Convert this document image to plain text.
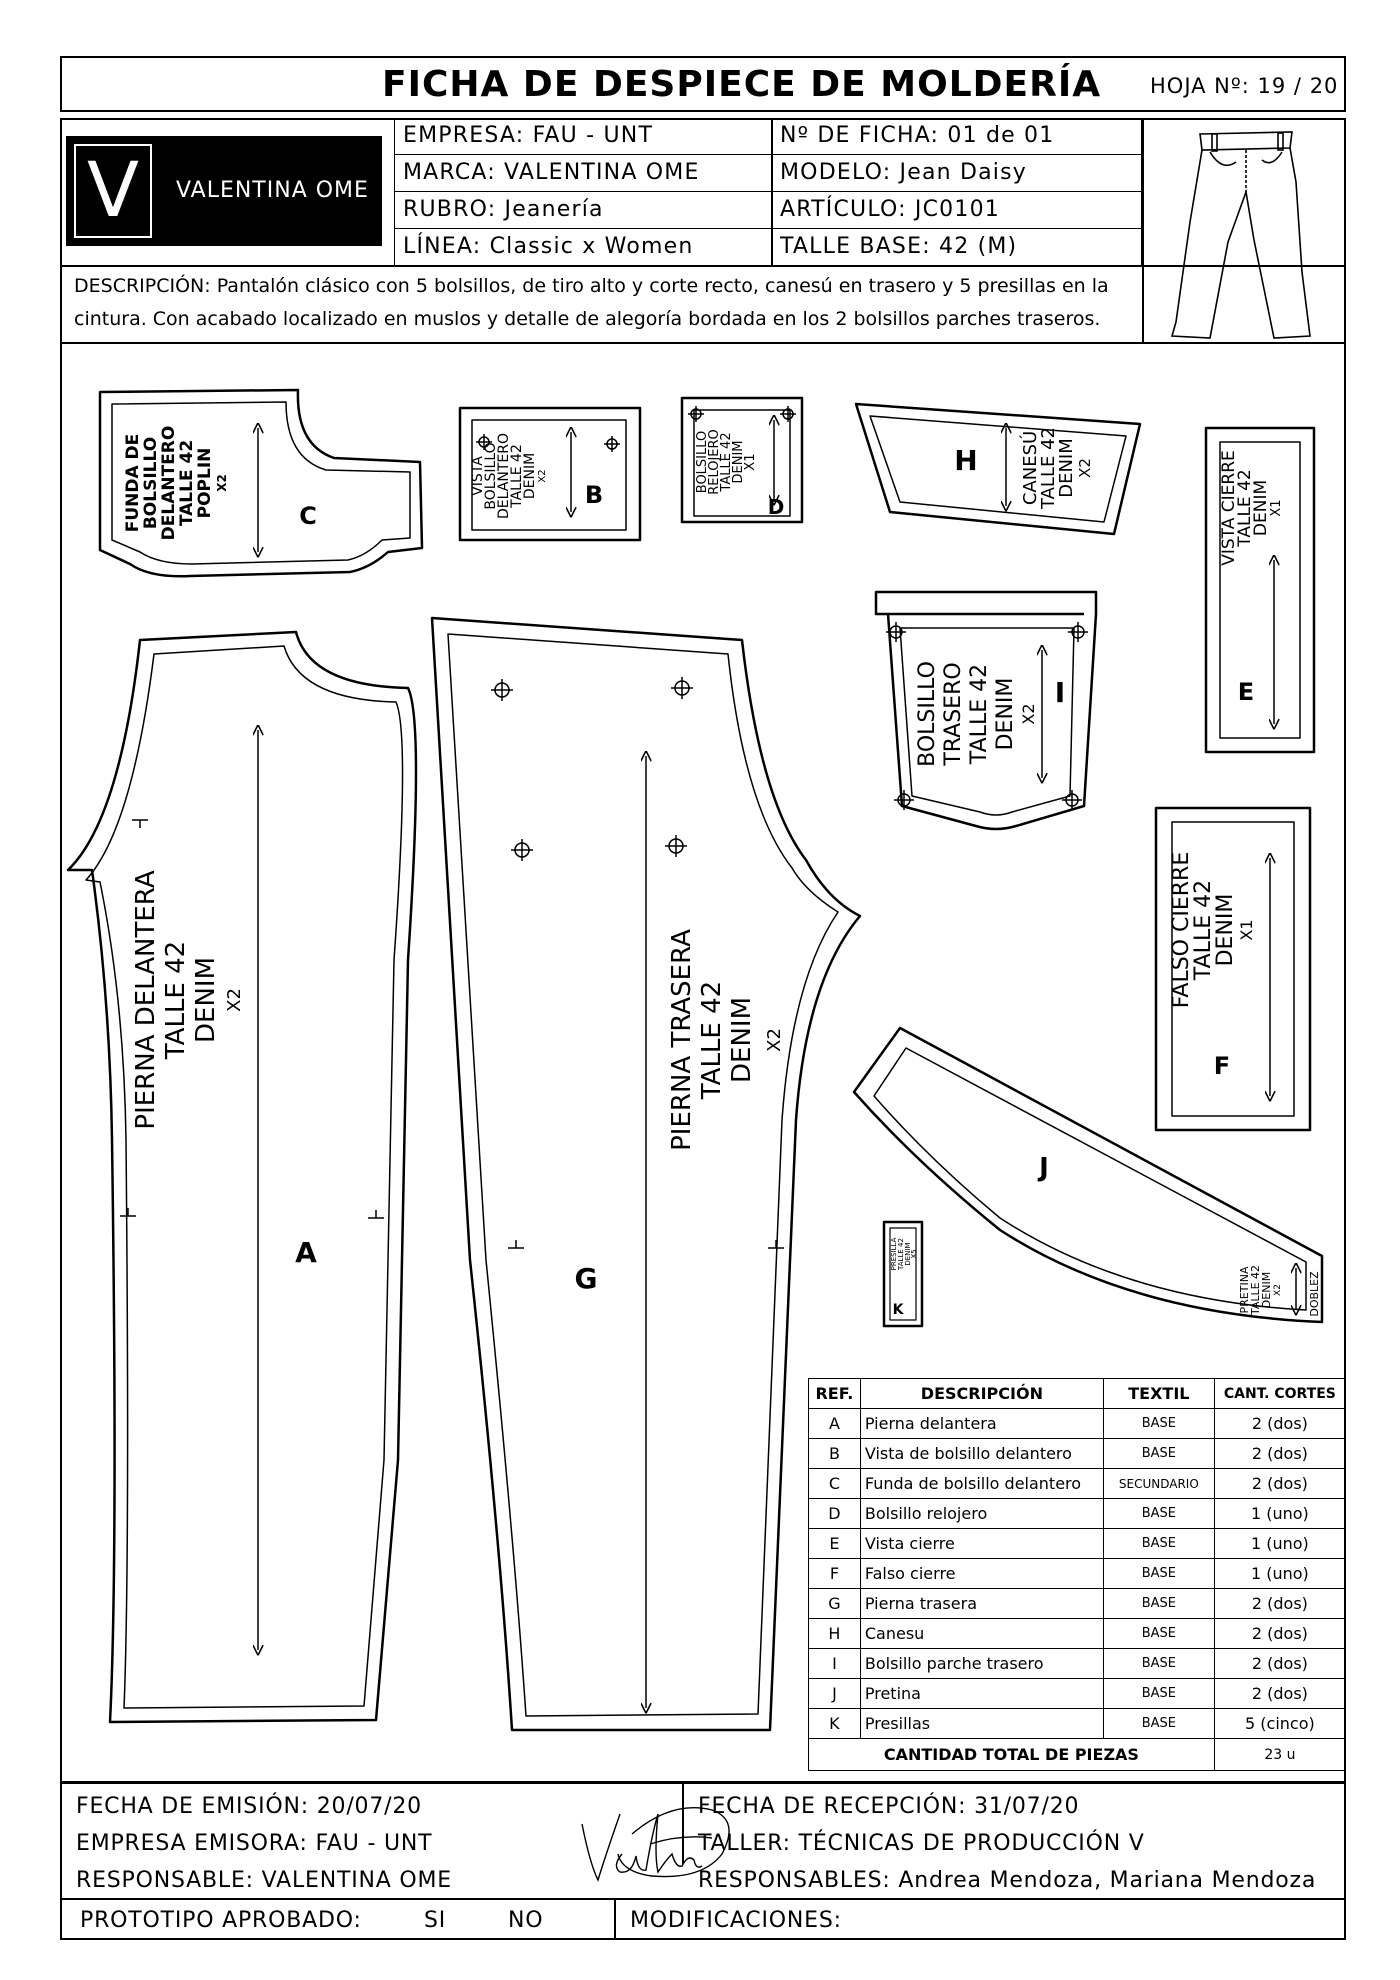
FICHA DE DESPIECE DE MOLDERÍA HOJA Nº: 19 / 20
V	VALENTINA OME
EMPRESA: FAU - UNT
MARCA: VALENTINA OME
RUBRO: Jeanería
LÍNEA: Classic x Women
Nº DE FICHA: 01 de 01
MODELO: Jean Daisy
ARTÍCULO: JC0101
TALLE BASE: 42 (M)
DESCRIPCIÓN: Pantalón clásico con 5 bolsillos, de tiro alto y corte recto, canesú en trasero y 5 presillas en la
cintura. Con acabado localizado en muslos y detalle de alegoría bordada en los 2 bolsillos parches traseros.
FUNDA DE
BOLSILLO
DELANTERO
TALLE 42
POPLIN X2
C
VISTA
BOLSILLO
DELANTERO
TALLE 42
DENIM X2
B
BOLSILLO
RELOJERO
TALLE 42
DENIM
X1
D
H CANESÚ
TALLE 42
DENIM X2	VISTA CIERRE
TALLE 42
DENIM
X1
E
BOLSILLO TRASERO TALLE 42 DENIM X2
I
FALSO CIERRE
TALLE 42
DENIM X1
F
PIERNA DELANTERA TALLE 42 DENIM X2
A
PIERNA TRASERA TALLE 42 DENIM X2
G
J
PRETINA
TALLE 42
DENIM X2 DOBLEZ
PRESILLA TALLE 42 DENIM
X5
K
REF.	DESCRIPCIÓN	TEXTIL	CANT. CORTES
A	Pierna delantera	BASE	2 (dos)
B	Vista de bolsillo delantero	BASE	2 (dos)
C	Funda de bolsillo delantero	SECUNDARIO	2 (dos)
D	Bolsillo relojero	BASE	1 (uno)
E	Vista cierre	BASE	1 (uno)
F	Falso cierre	BASE	1 (uno)
G	Pierna trasera	BASE	2 (dos)
H	Canesu	BASE	2 (dos)
I	Bolsillo parche trasero	BASE	2 (dos)
J	Pretina	BASE	2 (dos)
K	Presillas	BASE	5 (cinco)
CANTIDAD TOTAL DE PIEZAS			23 u
FECHA DE EMISIÓN: 20/07/20
EMPRESA EMISORA: FAU - UNT
RESPONSABLE: VALENTINA OME
FECHA DE RECEPCIÓN: 31/07/20
TALLER: TÉCNICAS DE PRODUCCIÓN V
RESPONSABLES: Andrea Mendoza, Mariana Mendoza
PROTOTIPO APROBADO:	SI	NO	MODIFICACIONES:
